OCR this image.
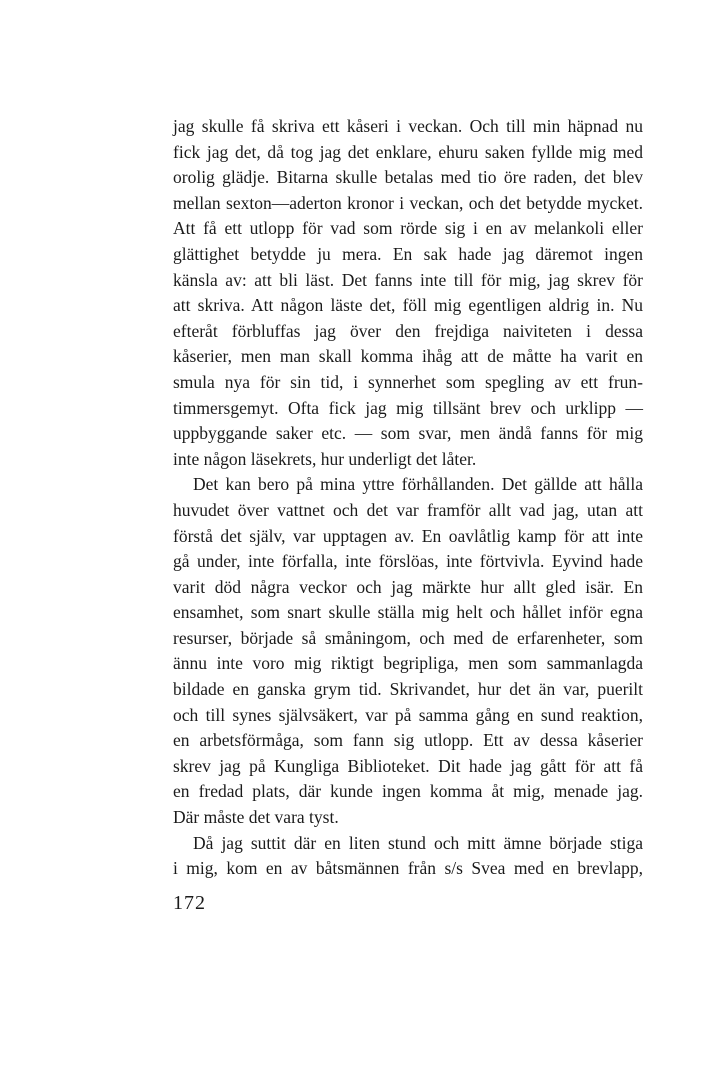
jag skulle få skriva ett kåseri i veckan. Och till min häpnad nu
fick jag det, då tog jag det enklare, ehuru saken fyllde mig med
orolig glädje. Bitarna skulle betalas med tio öre raden, det blev
mellan sexton—aderton kronor i veckan, och det betydde mycket.
Att få ett utlopp för vad som rörde sig i en av melankoli eller
glättighet betydde ju mera. En sak hade jag däremot ingen
känsla av: att bli läst. Det fanns inte till för mig, jag skrev för
att skriva. Att någon läste det, föll mig egentligen aldrig in. Nu
efteråt förbluffas jag över den frejdiga naiviteten i dessa
kåserier, men man skall komma ihåg att de måtte ha varit en
smula nya för sin tid, i synnerhet som spegling av ett frun-
timmersgemyt. Ofta fick jag mig tillsänt brev och urklipp —
uppbyggande saker etc. — som svar, men ändå fanns för mig
inte någon läsekrets, hur underligt det låter.

Det kan bero på mina yttre förhållanden. Det gällde att hålla
huvudet över vattnet och det var framför allt vad jag, utan att
förstå det själv, var upptagen av. En oavlåtlig kamp för att inte
gå under, inte förfalla, inte förslöas, inte förtvivla. Eyvind hade
varit död några veckor och jag märkte hur allt gled isär. En
ensamhet, som snart skulle ställa mig helt och hållet inför egna
resurser, började så småningom, och med de erfarenheter, som
ännu inte voro mig riktigt begripliga, men som sammanlagda
bildade en ganska grym tid. Skrivandet, hur det än var, puerilt
och till synes självsäkert, var på samma gång en sund reaktion,
en arbetsförmåga, som fann sig utlopp. Ett av dessa kåserier
skrev jag på Kungliga Biblioteket. Dit hade jag gått för att få
en fredad plats, där kunde ingen komma åt mig, menade jag.
Där måste det vara tyst.

Då jag suttit där en liten stund och mitt ämne började stiga
i mig, kom en av båtsmännen från s/s Svea med en brevlapp,

172
